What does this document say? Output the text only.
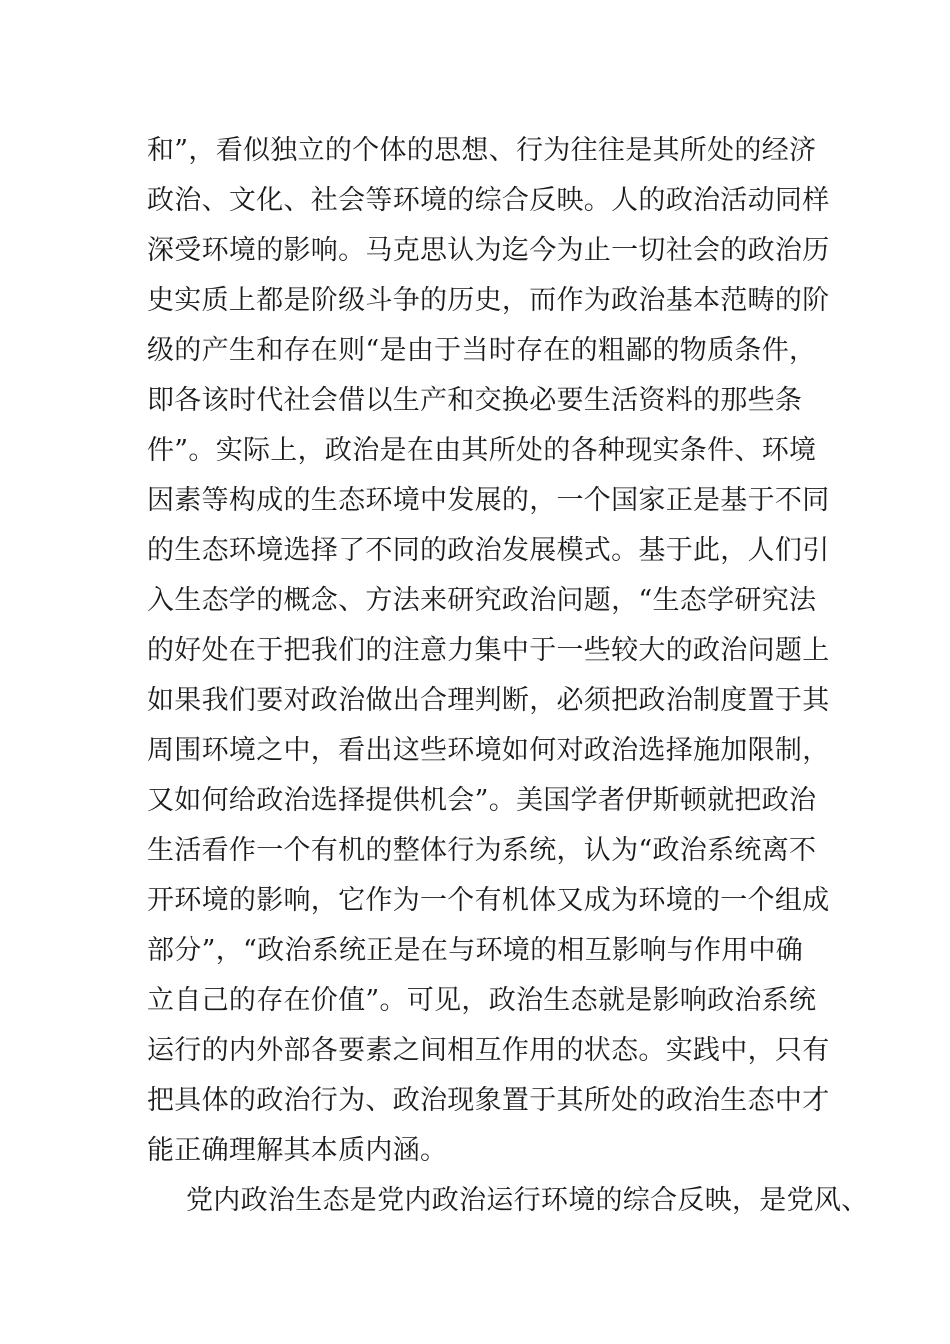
和”，看似独立的个体的思想、行为往往是其所处的经济
政治、文化、社会等环境的综合反映。人的政治活动同样
深受环境的影响。马克思认为迄今为止一切社会的政治历
史实质上都是阶级斗争的历史，而作为政治基本范畴的阶
级的产生和存在则“是由于当时存在的粗鄙的物质条件，
即各该时代社会借以生产和交换必要生活资料的那些条
件”。实际上，政治是在由其所处的各种现实条件、环境
因素等构成的生态环境中发展的，一个国家正是基于不同
的生态环境选择了不同的政治发展模式。基于此，人们引
入生态学的概念、方法来研究政治问题，“生态学研究法
的好处在于把我们的注意力集中于一些较大的政治问题上
如果我们要对政治做出合理判断，必须把政治制度置于其
周围环境之中，看出这些环境如何对政治选择施加限制，
又如何给政治选择提供机会”。美国学者伊斯顿就把政治
生活看作一个有机的整体行为系统，认为“政治系统离不
开环境的影响，它作为一个有机体又成为环境的一个组成
部分”，“政治系统正是在与环境的相互影响与作用中确
立自己的存在价值”。可见，政治生态就是影响政治系统
运行的内外部各要素之间相互作用的状态。实践中，只有
把具体的政治行为、政治现象置于其所处的政治生态中才
能正确理解其本质内涵。
党内政治生态是党内政治运行环境的综合反映，是党风、
